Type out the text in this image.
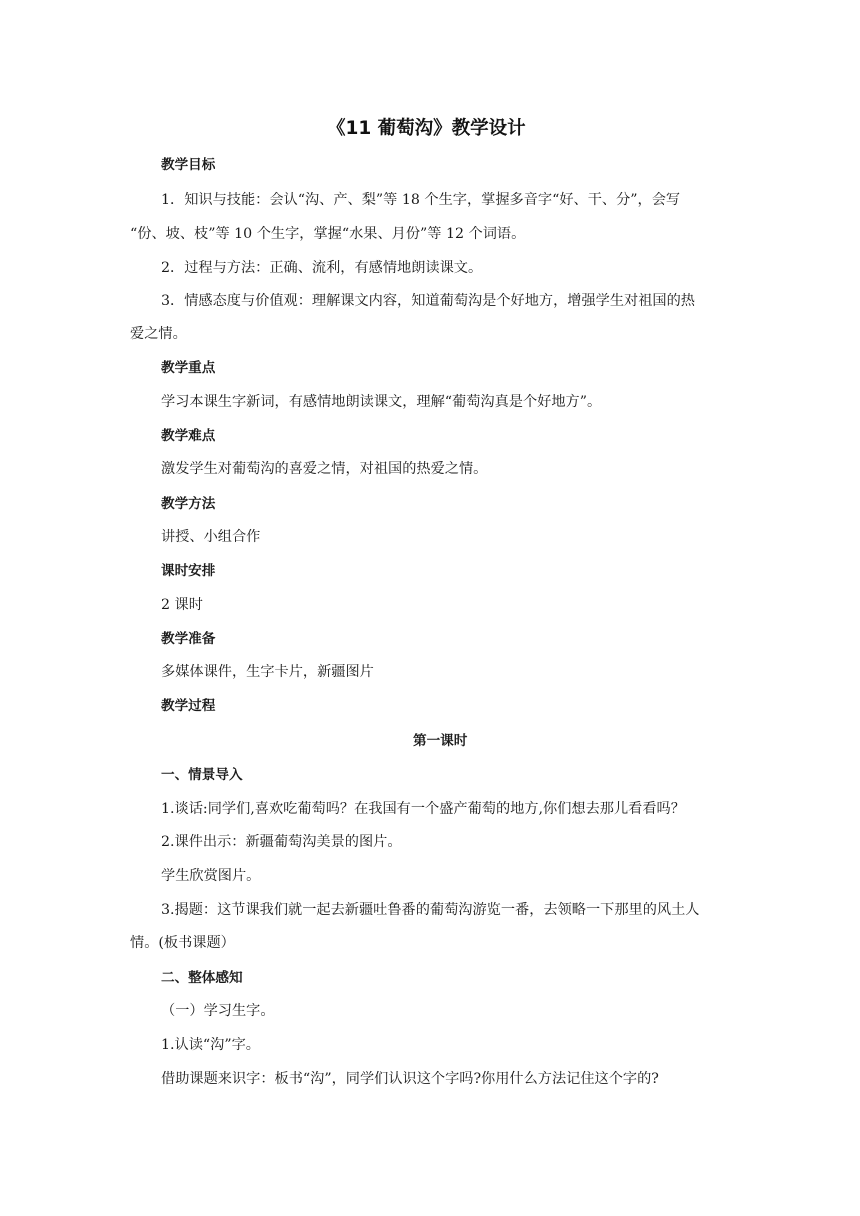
《11 葡萄沟》教学设计
教学目标
1．知识与技能：会认“沟、产、梨”等 18 个生字，掌握多音字“好、干、分”，会写
“份、坡、枝”等 10 个生字，掌握“水果、月份”等 12 个词语。
2．过程与方法：正确、流利，有感情地朗读课文。
3．情感态度与价值观：理解课文内容，知道葡萄沟是个好地方，增强学生对祖国的热
爱之情。
教学重点
学习本课生字新词，有感情地朗读课文，理解“葡萄沟真是个好地方”。
教学难点
激发学生对葡萄沟的喜爱之情，对祖国的热爱之情。
教学方法
讲授、小组合作
课时安排
2 课时
教学准备
多媒体课件，生字卡片，新疆图片
教学过程
第一课时
一、情景导入
1.谈话:同学们,喜欢吃葡萄吗？在我国有一个盛产葡萄的地方,你们想去那儿看看吗？
2.课件出示：新疆葡萄沟美景的图片。
学生欣赏图片。
3.揭题：这节课我们就一起去新疆吐鲁番的葡萄沟游览一番，去领略一下那里的风土人
情。(板书课题）
二、整体感知
（一）学习生字。
1.认读“沟”字。
借助课题来识字：板书“沟”，同学们认识这个字吗?你用什么方法记住这个字的?
